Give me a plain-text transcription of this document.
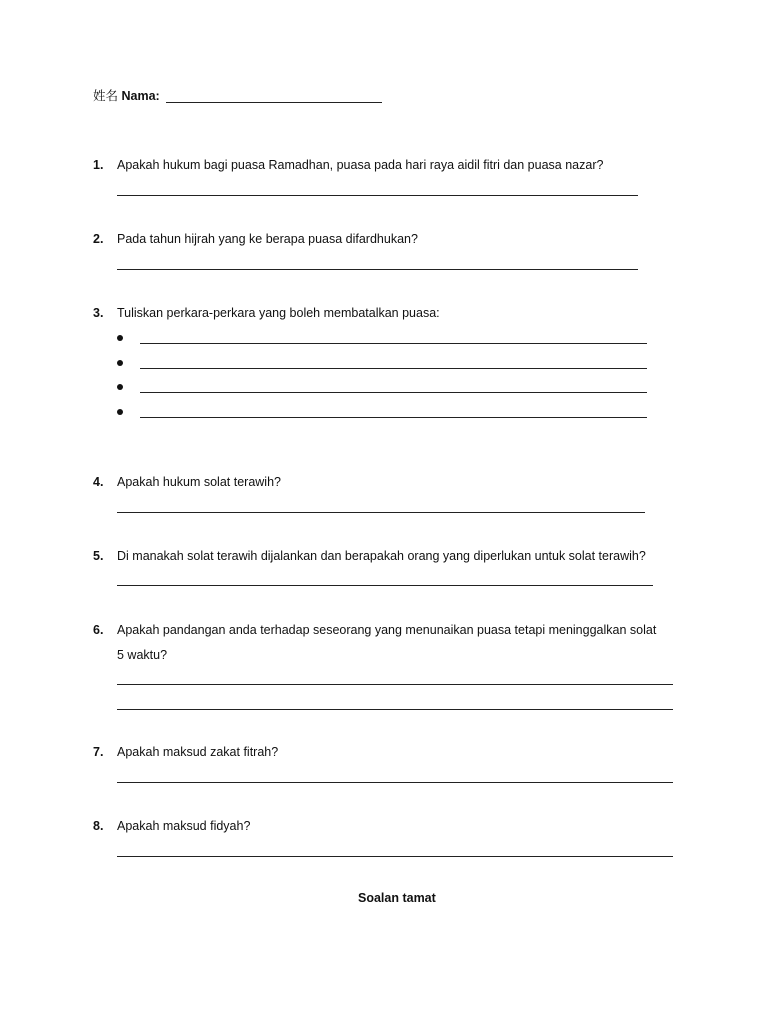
姓名 Nama:
1. Apakah hukum bagi puasa Ramadhan, puasa pada hari raya aidil fitri dan puasa nazar?
2. Pada tahun hijrah yang ke berapa puasa difardhukan?
3. Tuliskan perkara-perkara yang boleh membatalkan puasa:
4. Apakah hukum solat terawih?
5. Di manakah solat terawih dijalankan dan berapakah orang yang diperlukan untuk solat terawih?
6. Apakah pandangan anda terhadap seseorang yang menunaikan puasa tetapi meninggalkan solat
5 waktu?
7. Apakah maksud zakat fitrah?
8. Apakah maksud fidyah?
Soalan tamat
